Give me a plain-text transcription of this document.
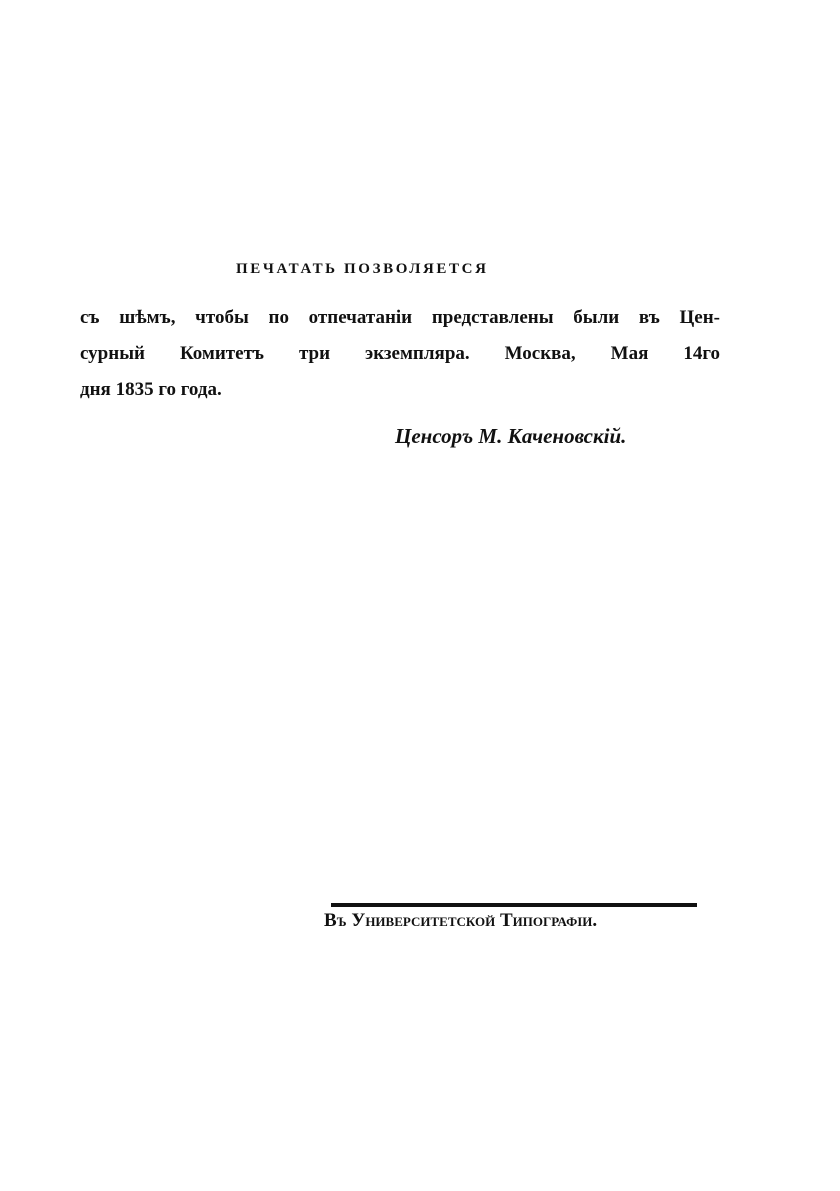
ПЕЧАТАТЬ ПОЗВОЛЯЕТСЯ
съ шѣмъ, чтобы по отпечатаніи представлены были въ Цен-
сурный Комитетъ три экземпляра. Москва, Мая 14го
дня 1835 го года.
Ценсоръ М. Каченовскій.
Въ Университетской Типографіи.
